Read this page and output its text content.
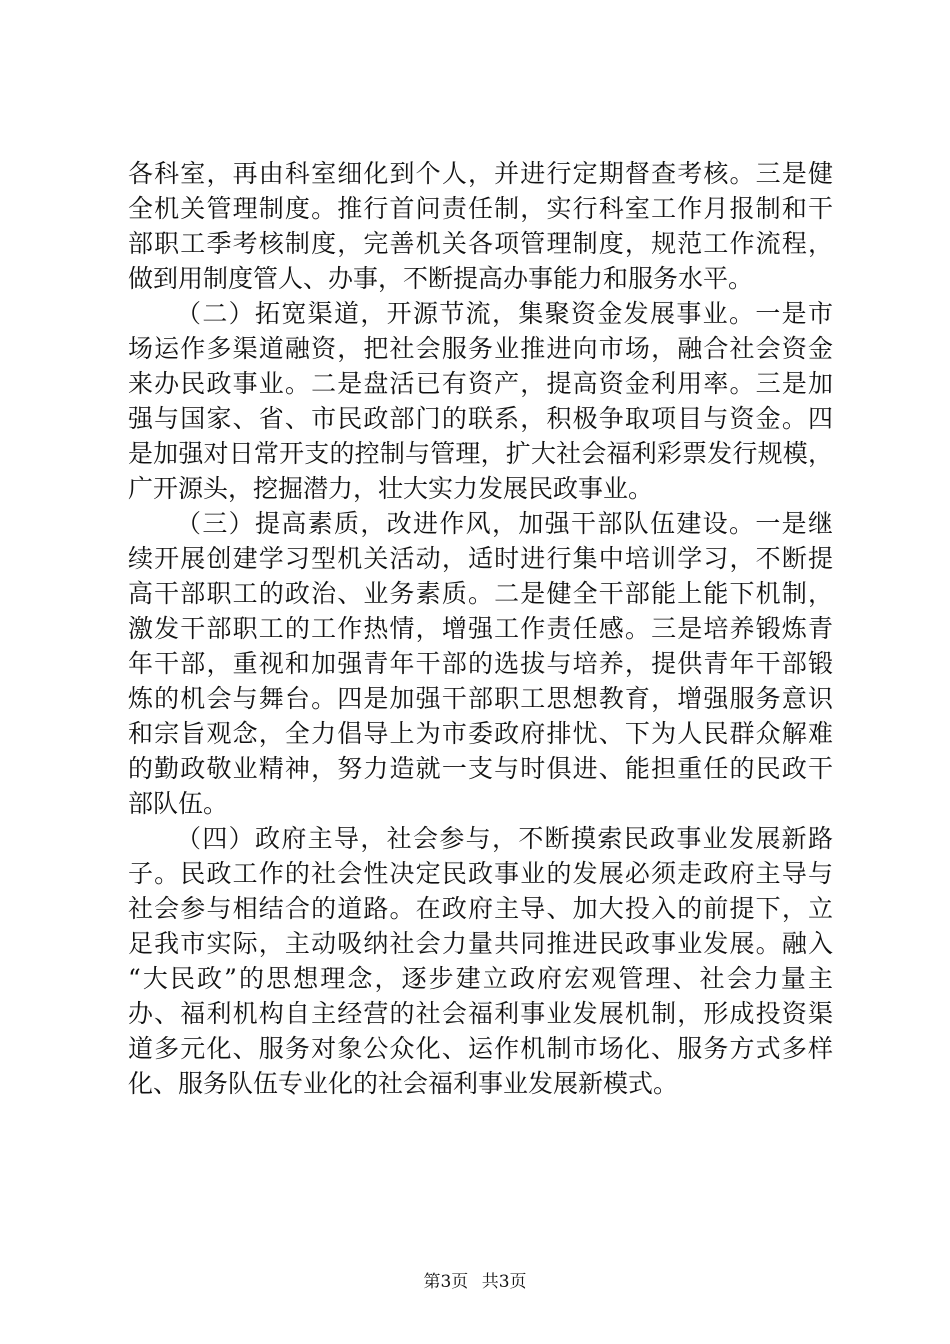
各科室，再由科室细化到个人，并进行定期督查考核。三是健
全机关管理制度。推行首问责任制，实行科室工作月报制和干
部职工季考核制度，完善机关各项管理制度，规范工作流程，
做到用制度管人、办事，不断提高办事能力和服务水平。
（二）拓宽渠道，开源节流，集聚资金发展事业。一是市
场运作多渠道融资，把社会服务业推进向市场，融合社会资金
来办民政事业。二是盘活已有资产，提高资金利用率。三是加
强与国家、省、市民政部门的联系，积极争取项目与资金。四
是加强对日常开支的控制与管理，扩大社会福利彩票发行规模，
广开源头，挖掘潜力，壮大实力发展民政事业。
（三）提高素质，改进作风，加强干部队伍建设。一是继
续开展创建学习型机关活动，适时进行集中培训学习，不断提
高干部职工的政治、业务素质。二是健全干部能上能下机制，
激发干部职工的工作热情，增强工作责任感。三是培养锻炼青
年干部，重视和加强青年干部的选拔与培养，提供青年干部锻
炼的机会与舞台。四是加强干部职工思想教育，增强服务意识
和宗旨观念，全力倡导上为市委政府排忧、下为人民群众解难
的勤政敬业精神，努力造就一支与时俱进、能担重任的民政干
部队伍。
（四）政府主导，社会参与，不断摸索民政事业发展新路
子。民政工作的社会性决定民政事业的发展必须走政府主导与
社会参与相结合的道路。在政府主导、加大投入的前提下，立
足我市实际，主动吸纳社会力量共同推进民政事业发展。融入
“大民政”的思想理念，逐步建立政府宏观管理、社会力量主
办、福利机构自主经营的社会福利事业发展机制，形成投资渠
道多元化、服务对象公众化、运作机制市场化、服务方式多样
化、服务队伍专业化的社会福利事业发展新模式。
第3页 共3页
